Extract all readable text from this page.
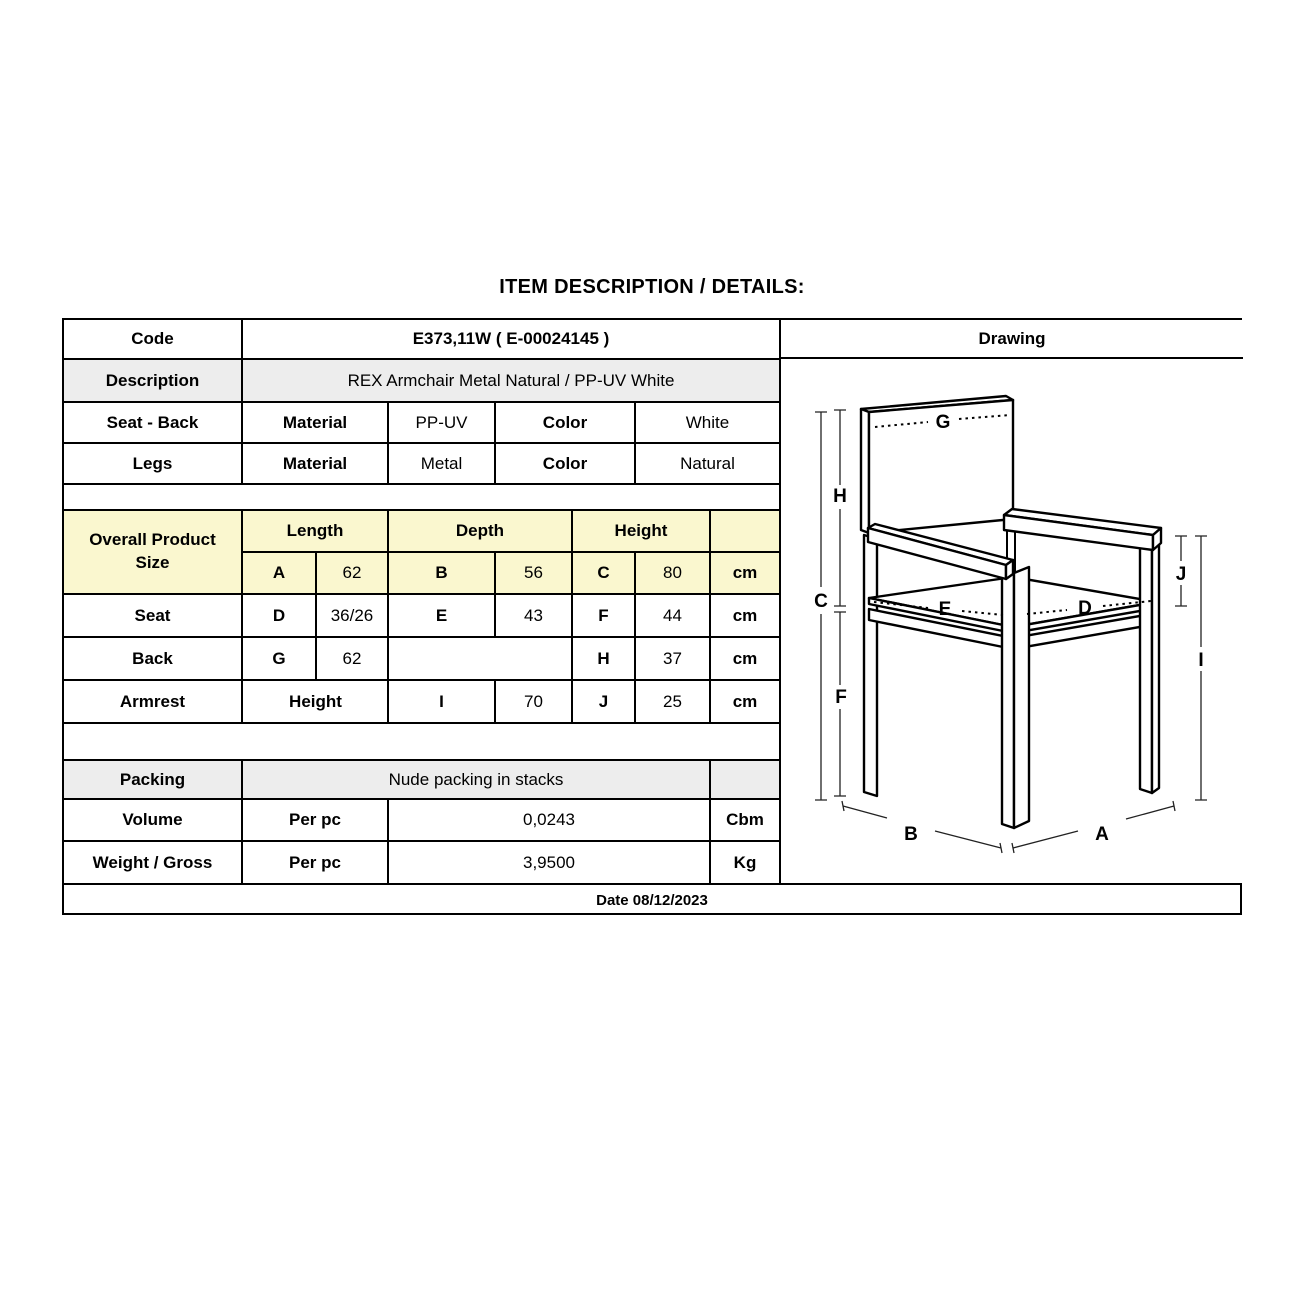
ITEM DESCRIPTION / DETAILS:
Code	E373,11W ( E-00024145 )						
Description	REX Armchair Metal Natural / PP-UV White						
Seat - Back	Material		PP-UV	Color		White	
Legs	Material		Metal	Color		Natural	

Overall Product
Size	Length		Depth		Height		
	A	62	B	56	C	80	cm
Seat	D	36/26	E	43	F	44	cm
Back	G	62			H	37	cm
Armrest	Height		I	70	J	25	cm

Packing	Nude packing in stacks						
Volume	Per pc		0,0243				Cbm
Weight / Gross	Per pc		3,9500				Kg
Drawing
G
H
C
F
E	D
J
I
B	A
Date 08/12/2023
